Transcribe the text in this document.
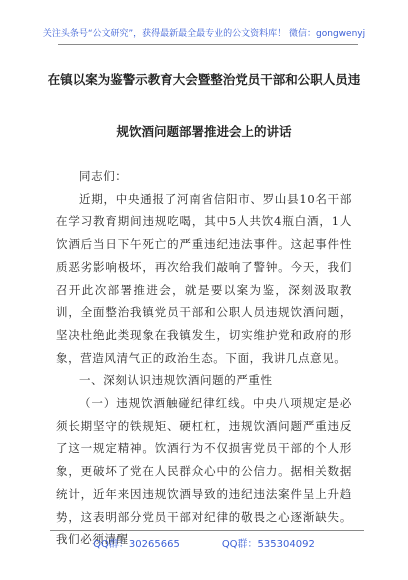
关注头条号“公文研究”，获得最新最全最专业的公文资料库！ 微信：gongwenyj
在镇以案为鉴警示教育大会暨整治党员干部和公职人员违
规饮酒问题部署推进会上的讲话

同志们：

近期，中央通报了河南省信阳市、罗山县10名干部在学习教育期间违规吃喝，其中5人共饮4瓶白酒，1人饮酒后当日下午死亡的严重违纪违法事件。这起事件性质恶劣影响极坏，再次给我们敲响了警钟。今天，我们召开此次部署推进会，就是要以案为鉴，深刻汲取教训，全面整治我镇党员干部和公职人员违规饮酒问题，坚决杜绝此类现象在我镇发生，切实维护党和政府的形象，营造风清气正的政治生态。下面，我讲几点意见。

一、深刻认识违规饮酒问题的严重性

（一）违规饮酒触碰纪律红线。中央八项规定是必须长期坚守的铁规矩、硬杠杠，违规饮酒问题严重违反了这一规定精神。饮酒行为不仅损害党员干部的个人形象，更破坏了党在人民群众心中的公信力。据相关数据统计，近年来因违规饮酒导致的违纪违法案件呈上升趋势，这表明部分党员干部对纪律的敬畏之心逐渐缺失。我们必须清醒

QQ群：30265665	QQ群：535304092
